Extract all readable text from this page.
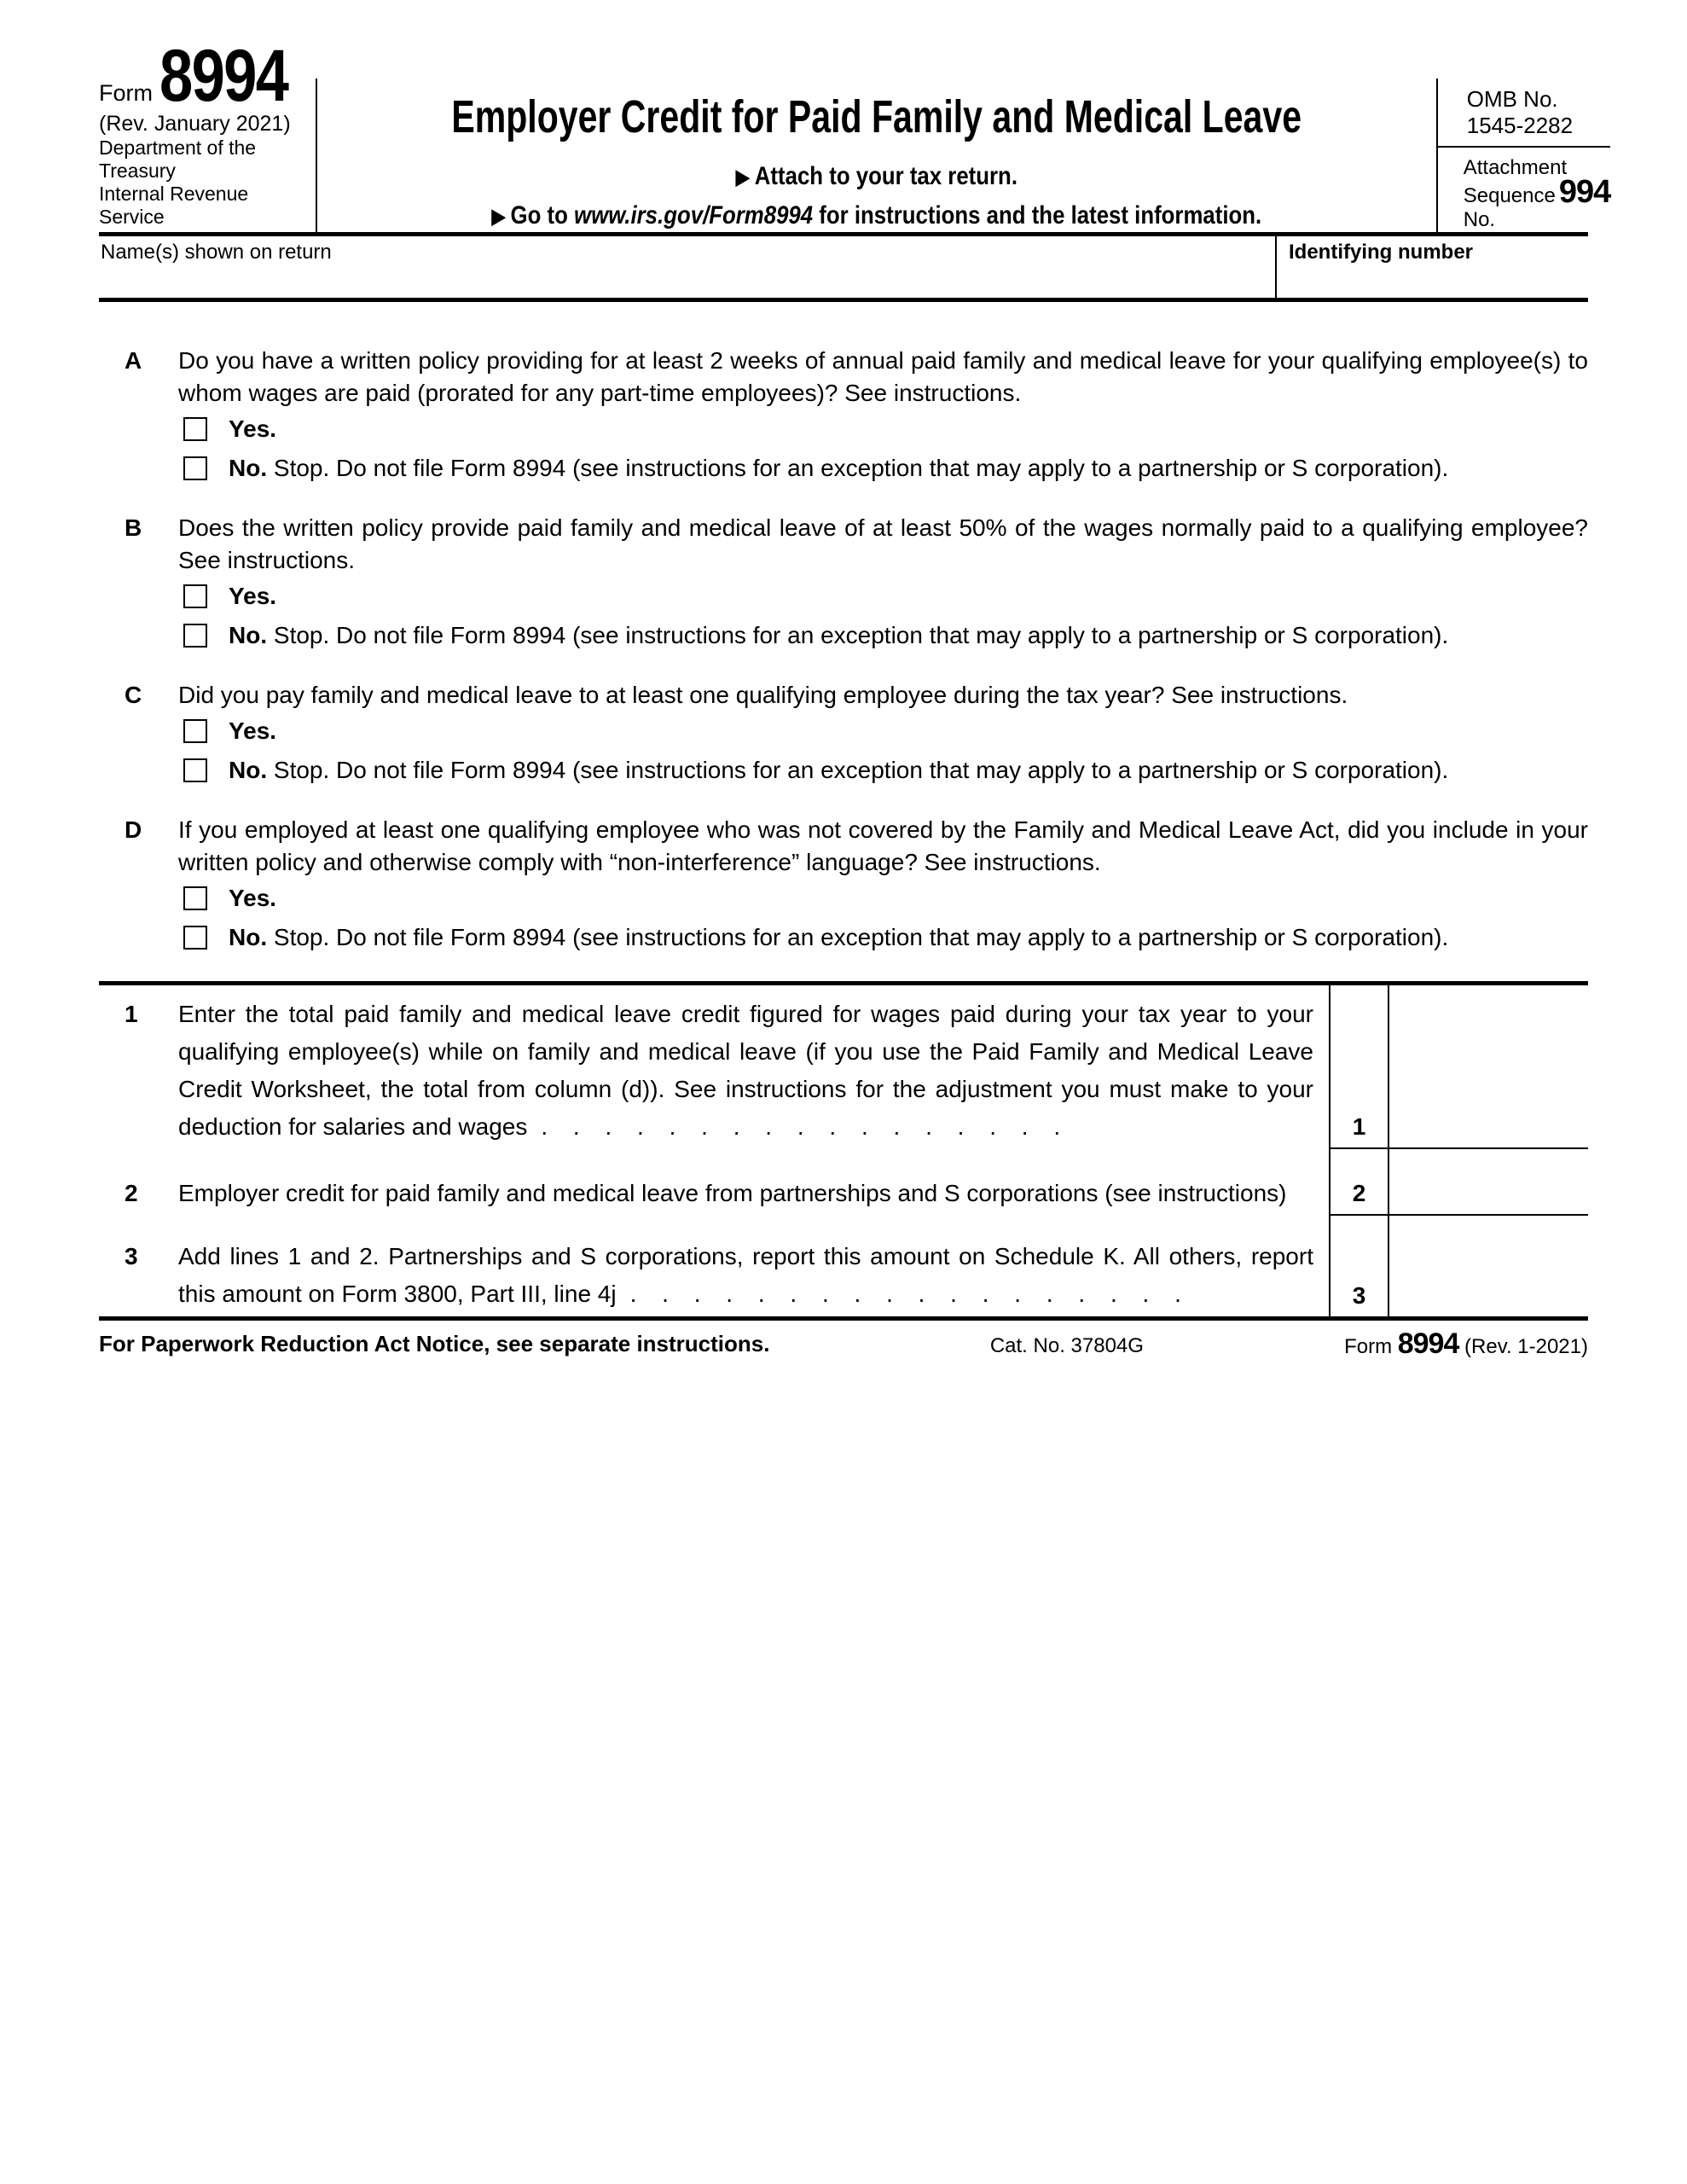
Form 8994
(Rev. January 2021)
Department of the Treasury
Internal Revenue Service
Employer Credit for Paid Family and Medical Leave
▶ Attach to your tax return.
▶ Go to www.irs.gov/Form8994 for instructions and the latest information.
OMB No. 1545-2282
Attachment
Sequence No.
994
Name(s) shown on return	Identifying number
A	Do you have a written policy providing for at least 2 weeks of annual paid family and medical leave for your qualifying employee(s) to whom wages are paid (prorated for any part-time employees)? See instructions.
Yes.
No. Stop. Do not file Form 8994 (see instructions for an exception that may apply to a partnership or S corporation).
B	Does the written policy provide paid family and medical leave of at least 50% of the wages normally paid to a qualifying employee? See instructions.
Yes.
No. Stop. Do not file Form 8994 (see instructions for an exception that may apply to a partnership or S corporation).
C	Did you pay family and medical leave to at least one qualifying employee during the tax year? See instructions.
Yes.
No. Stop. Do not file Form 8994 (see instructions for an exception that may apply to a partnership or S corporation).
D	If you employed at least one qualifying employee who was not covered by the Family and Medical Leave Act, did you include in your written policy and otherwise comply with “non-interference” language? See instructions.
Yes.
No. Stop. Do not file Form 8994 (see instructions for an exception that may apply to a partnership or S corporation).
1	Enter the total paid family and medical leave credit figured for wages paid during your tax year to your qualifying employee(s) while on family and medical leave (if you use the Paid Family and Medical Leave Credit Worksheet, the total from column (d)). See instructions for the adjustment you must make to your deduction for salaries and wages . . . . . . . . . . . . . . . . .	1
2	Employer credit for paid family and medical leave from partnerships and S corporations (see instructions)	2
3	Add lines 1 and 2. Partnerships and S corporations, report this amount on Schedule K. All others, report this amount on Form 3800, Part III, line 4j . . . . . . . . . . . . . . . . . .	3
For Paperwork Reduction Act Notice, see separate instructions.	Cat. No. 37804G	Form 8994 (Rev. 1-2021)
